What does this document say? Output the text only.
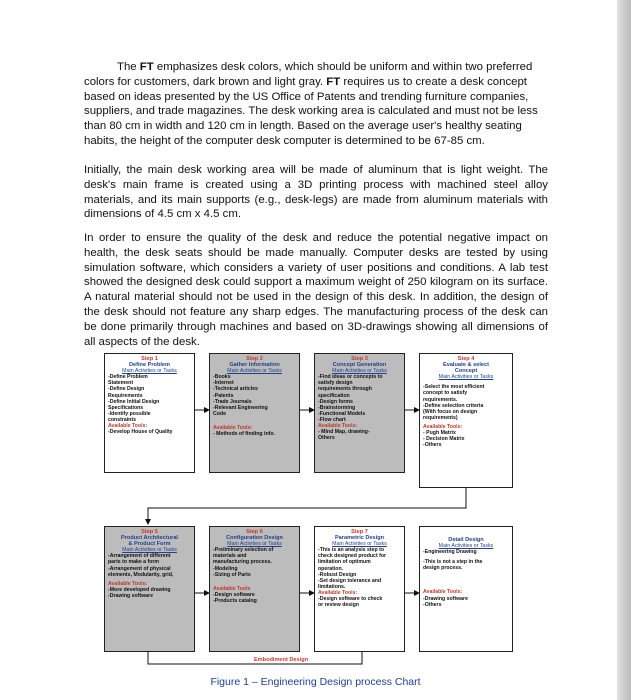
The FT emphasizes desk colors, which should be uniform and within two preferred colors for customers, dark brown and light gray. FT requires us to create a desk concept based on ideas presented by the US Office of Patents and trending furniture companies, suppliers, and trade magazines. The desk working area is calculated and must not be less than 80 cm in width and 120 cm in length. Based on the average user's healthy seating habits, the height of the computer desk computer is determined to be 67-85 cm.

Initially, the main desk working area will be made of aluminum that is light weight. The desk's main frame is created using a 3D printing process with machined steel alloy materials, and its main supports (e.g., desk-legs) are made from aluminum materials with dimensions of 4.5 cm x 4.5 cm.

In order to ensure the quality of the desk and reduce the potential negative impact on health, the desk seats should be made manually. Computer desks are tested by using simulation software, which considers a variety of user positions and conditions. A lab test showed the designed desk could support a maximum weight of 250 kilogram on its surface. A natural material should not be used in the design of this desk. In addition, the design of the desk should not feature any sharp edges. The manufacturing process of the desk can be done primarily through machines and based on 3D-drawings showing all dimensions of all aspects of the desk.

Step 1
Define Problem
Main Activities or Tasks
-Define Problem
Statement
-Define Design
Requirements
-Define Initial Design
Specifications
-Identify possible
constraints
Available Tools:
-Develop House of Quality
Step 2
Gather Information
Main Activities or Tasks
-Books
-Internet
-Technical articles
-Patents
-Trade Journals
-Relevant Engineering
Code
Available Tools:
- Methods of finding info.
Step 3
Concept Generation
Main Activities or Tasks
-Find ideas or concepts to
satisfy design
requirements through
specification
-Design forms
-Brainstorming
-Functional Models
-Flow chart
Available Tools:
- Mind Map, drawing-
Others
Step 4
Evaluate & select
Concept
Main Activities or Tasks
-Select the most efficient
concept to satisfy
requirements.
-Define selection criteria
(With focus on design
requirements)
Available Tools:
- Pugh Matrix
- Decision Matrix
-Others
Step 5
Product Architectural
& Product Form
Main Activities or Tasks
-Arrangement of different
parts to make a form
-Arrangement of physical
elements, Modularity, grid,
Available Tools:
-More developed drawing
-Drawing software
Step 6
Configuration Design
Main Activities or Tasks
-Preliminary selection of
materials and
manufacturing process.
-Modeling
-Sizing of Parts
Available Tools
-Design software
-Products catalog
Step 7
Parametric Design
Main Activities or Tasks
-This is an analysis step to
check designed product for
limitation of optimum
operation.
-Robust Design
-Set design tolerance and
limitations.
Available Tools:
-Design software to check
or review design
Detail Design
Main Activities or Tasks
-Engineering Drawing
-This is not a step in the
design process.
Available Tools:
-Drawing software
-Others
Embodiment Design
Figure 1 – Engineering Design process Chart
